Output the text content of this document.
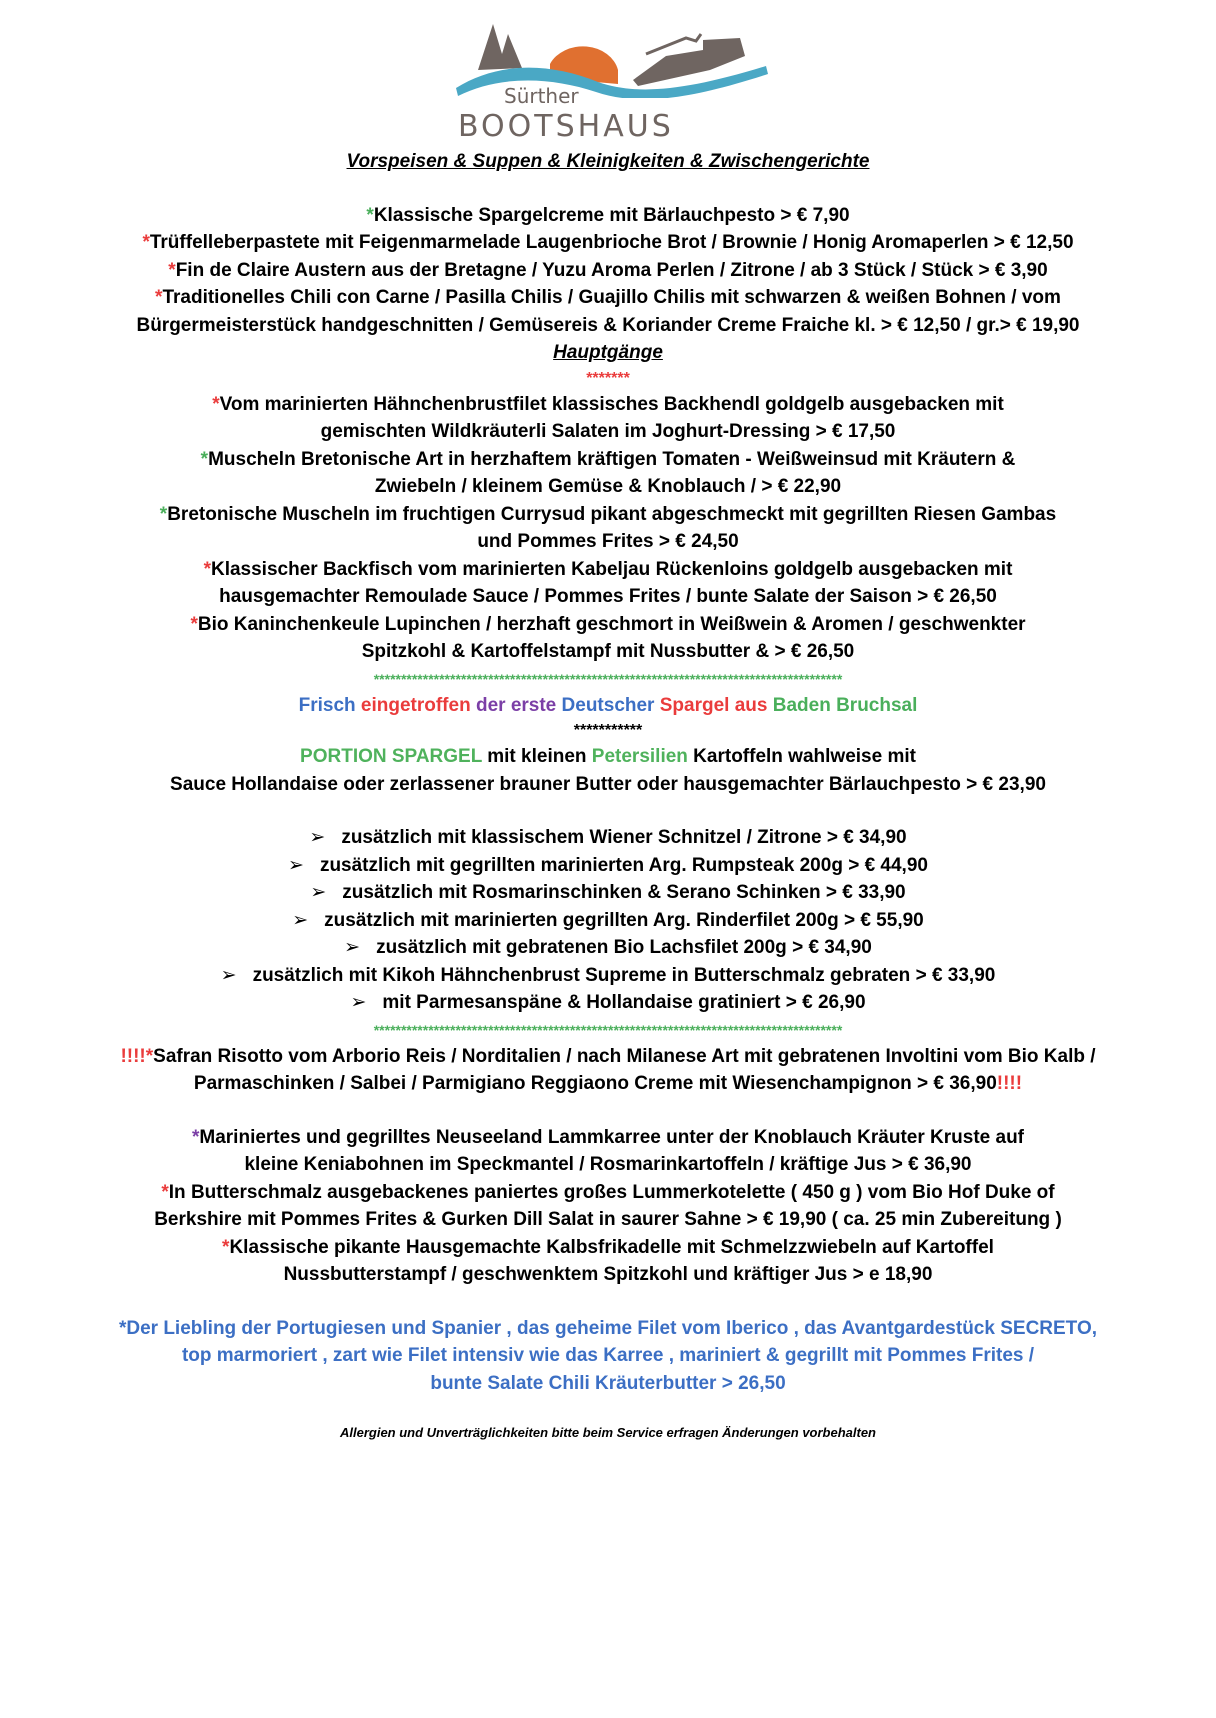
Sürther
BOOTSHAUS
Vorspeisen & Suppen & Kleinigkeiten & Zwischengerichte
*Klassische Spargelcreme mit Bärlauchpesto > € 7,90
*Trüffelleberpastete mit Feigenmarmelade Laugenbrioche Brot / Brownie / Honig Aromaperlen > € 12,50
*Fin de Claire Austern aus der Bretagne / Yuzu Aroma Perlen / Zitrone / ab 3 Stück / Stück > € 3,90
*Traditionelles Chili con Carne / Pasilla Chilis / Guajillo Chilis mit schwarzen & weißen Bohnen / vom
Bürgermeisterstück handgeschnitten / Gemüsereis & Koriander Creme Fraiche kl. > € 12,50 / gr.> € 19,90
Hauptgänge
*******
*Vom marinierten Hähnchenbrustfilet klassisches Backhendl goldgelb ausgebacken mit
gemischten Wildkräuterli Salaten im Joghurt-Dressing > € 17,50
*Muscheln Bretonische Art in herzhaftem kräftigen Tomaten - Weißweinsud mit Kräutern &
Zwiebeln / kleinem Gemüse & Knoblauch / > € 22,90
*Bretonische Muscheln im fruchtigen Currysud pikant abgeschmeckt mit gegrillten Riesen Gambas
und Pommes Frites > € 24,50
*Klassischer Backfisch vom marinierten Kabeljau Rückenloins goldgelb ausgebacken mit
hausgemachter Remoulade Sauce / Pommes Frites / bunte Salate der Saison > € 26,50
*Bio Kaninchenkeule Lupinchen / herzhaft geschmort in Weißwein & Aromen / geschwenkter
Spitzkohl & Kartoffelstampf mit Nussbutter & > € 26,50
**************************************************************************************
Frisch eingetroffen der erste Deutscher Spargel aus Baden Bruchsal
***********
PORTION SPARGEL mit kleinen Petersilien Kartoffeln wahlweise mit
Sauce Hollandaise oder zerlassener brauner Butter oder hausgemachter Bärlauchpesto > € 23,90
➢ zusätzlich mit klassischem Wiener Schnitzel / Zitrone > € 34,90
➢ zusätzlich mit gegrillten marinierten Arg. Rumpsteak 200g > € 44,90
➢ zusätzlich mit Rosmarinschinken & Serano Schinken > € 33,90
➢ zusätzlich mit marinierten gegrillten Arg. Rinderfilet 200g > € 55,90
➢ zusätzlich mit gebratenen Bio Lachsfilet 200g > € 34,90
➢ zusätzlich mit Kikoh Hähnchenbrust Supreme in Butterschmalz gebraten > € 33,90
➢ mit Parmesanspäne & Hollandaise gratiniert > € 26,90
**************************************************************************************
!!!!*Safran Risotto vom Arborio Reis / Norditalien / nach Milanese Art mit gebratenen Involtini vom Bio Kalb /
Parmaschinken / Salbei / Parmigiano Reggiaono Creme mit Wiesenchampignon > € 36,90!!!!
*Mariniertes und gegrilltes Neuseeland Lammkarree unter der Knoblauch Kräuter Kruste auf
kleine Keniabohnen im Speckmantel / Rosmarinkartoffeln / kräftige Jus > € 36,90
*In Butterschmalz ausgebackenes paniertes großes Lummerkotelette ( 450 g ) vom Bio Hof Duke of
Berkshire mit Pommes Frites & Gurken Dill Salat in saurer Sahne > € 19,90 ( ca. 25 min Zubereitung )
*Klassische pikante Hausgemachte Kalbsfrikadelle mit Schmelzzwiebeln auf Kartoffel
Nussbutterstampf / geschwenktem Spitzkohl und kräftiger Jus > e 18,90
*Der Liebling der Portugiesen und Spanier , das geheime Filet vom Iberico , das Avantgardestück SECRETO,
top marmoriert , zart wie Filet intensiv wie das Karree , mariniert & gegrillt mit Pommes Frites /
bunte Salate Chili Kräuterbutter > 26,50
Allergien und Unverträglichkeiten bitte beim Service erfragen Änderungen vorbehalten
